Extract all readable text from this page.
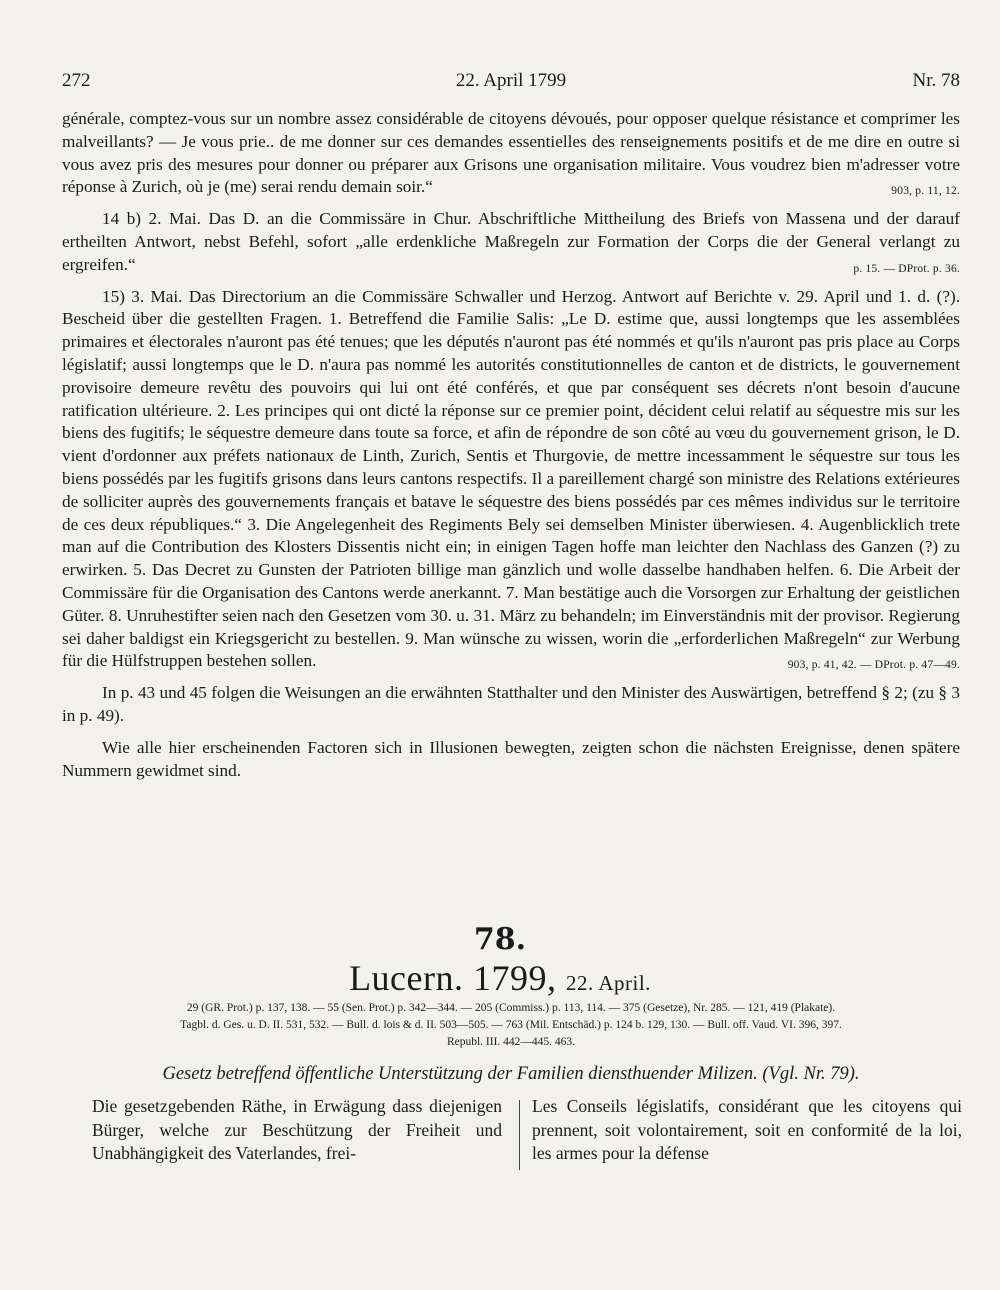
272	22. April 1799	Nr. 78

générale, comptez-vous sur un nombre assez considérable de citoyens dévoués, pour opposer quelque résistance et comprimer les malveillants? — Je vous prie.. de me donner sur ces demandes essentielles des renseignements positifs et de me dire en outre si vous avez pris des mesures pour donner ou préparer aux Grisons une organisation militaire. Vous voudrez bien m'adresser votre réponse à Zurich, où je (me) serai rendu demain soir.“	903, p. 11, 12.

14 b) 2. Mai. Das D. an die Commissäre in Chur. Abschriftliche Mittheilung des Briefs von Massena und der darauf ertheilten Antwort, nebst Befehl, sofort „alle erdenkliche Maßregeln zur Formation der Corps die der General verlangt zu ergreifen.“	p. 15. — DProt. p. 36.

15) 3. Mai. Das Directorium an die Commissäre Schwaller und Herzog. Antwort auf Berichte v. 29. April und 1. d. (?). Bescheid über die gestellten Fragen. 1. Betreffend die Familie Salis: „Le D. estime que, aussi longtemps que les assemblées primaires et électorales n'auront pas été tenues; que les députés n'auront pas été nommés et qu'ils n'auront pas pris place au Corps législatif; aussi longtemps que le D. n'aura pas nommé les autorités constitutionnelles de canton et de districts, le gouvernement provisoire demeure revêtu des pouvoirs qui lui ont été conférés, et que par conséquent ses décrets n'ont besoin d'aucune ratification ultérieure. 2. Les principes qui ont dicté la réponse sur ce premier point, décident celui relatif au séquestre mis sur les biens des fugitifs; le séquestre demeure dans toute sa force, et afin de répondre de son côté au vœu du gouvernement grison, le D. vient d'ordonner aux préfets nationaux de Linth, Zurich, Sentis et Thurgovie, de mettre incessamment le séquestre sur tous les biens possédés par les fugitifs grisons dans leurs cantons respectifs. Il a pareillement chargé son ministre des Relations extérieures de solliciter auprès des gouvernements français et batave le séquestre des biens possédés par ces mêmes individus sur le territoire de ces deux républiques.“ 3. Die Angelegenheit des Regiments Bely sei demselben Minister überwiesen. 4. Augenblicklich trete man auf die Contribution des Klosters Dissentis nicht ein; in einigen Tagen hoffe man leichter den Nachlass des Ganzen (?) zu erwirken. 5. Das Decret zu Gunsten der Patrioten billige man gänzlich und wolle dasselbe handhaben helfen. 6. Die Arbeit der Commissäre für die Organisation des Cantons werde anerkannt. 7. Man bestätige auch die Vorsorgen zur Erhaltung der geistlichen Güter. 8. Unruhestifter seien nach den Gesetzen vom 30. u. 31. März zu behandeln; im Einverständnis mit der provisor. Regierung sei daher baldigst ein Kriegsgericht zu bestellen. 9. Man wünsche zu wissen, worin die „erforderlichen Maßregeln“ zur Werbung für die Hülfstruppen bestehen sollen.	903, p. 41, 42. — DProt. p. 47—49.

In p. 43 und 45 folgen die Weisungen an die erwähnten Statthalter und den Minister des Auswärtigen, betreffend § 2; (zu § 3 in p. 49).

Wie alle hier erscheinenden Factoren sich in Illusionen bewegten, zeigten schon die nächsten Ereignisse, denen spätere Nummern gewidmet sind.

78.
Lucern. 1799, 22. April.
29 (GR. Prot.) p. 137, 138. — 55 (Sen. Prot.) p. 342—344. — 205 (Commiss.) p. 113, 114. — 375 (Gesetze), Nr. 285. — 121, 419 (Plakate).
Tagbl. d. Ges. u. D. II. 531, 532. — Bull. d. lois & d. II. 503—505. — 763 (Mil. Entschäd.) p. 124 b. 129, 130. — Bull. off. Vaud. VI. 396, 397.
Republ. III. 442—445. 463.
Gesetz betreffend öffentliche Unterstützung der Familien diensthuender Milizen. (Vgl. Nr. 79).
Die gesetzgebenden Räthe, in Erwägung dass diejenigen Bürger, welche zur Beschützung der Freiheit und Unabhängigkeit des Vaterlandes, frei-
Les Conseils législatifs, considérant que les citoyens qui prennent, soit volontairement, soit en conformité de la loi, les armes pour la défense
